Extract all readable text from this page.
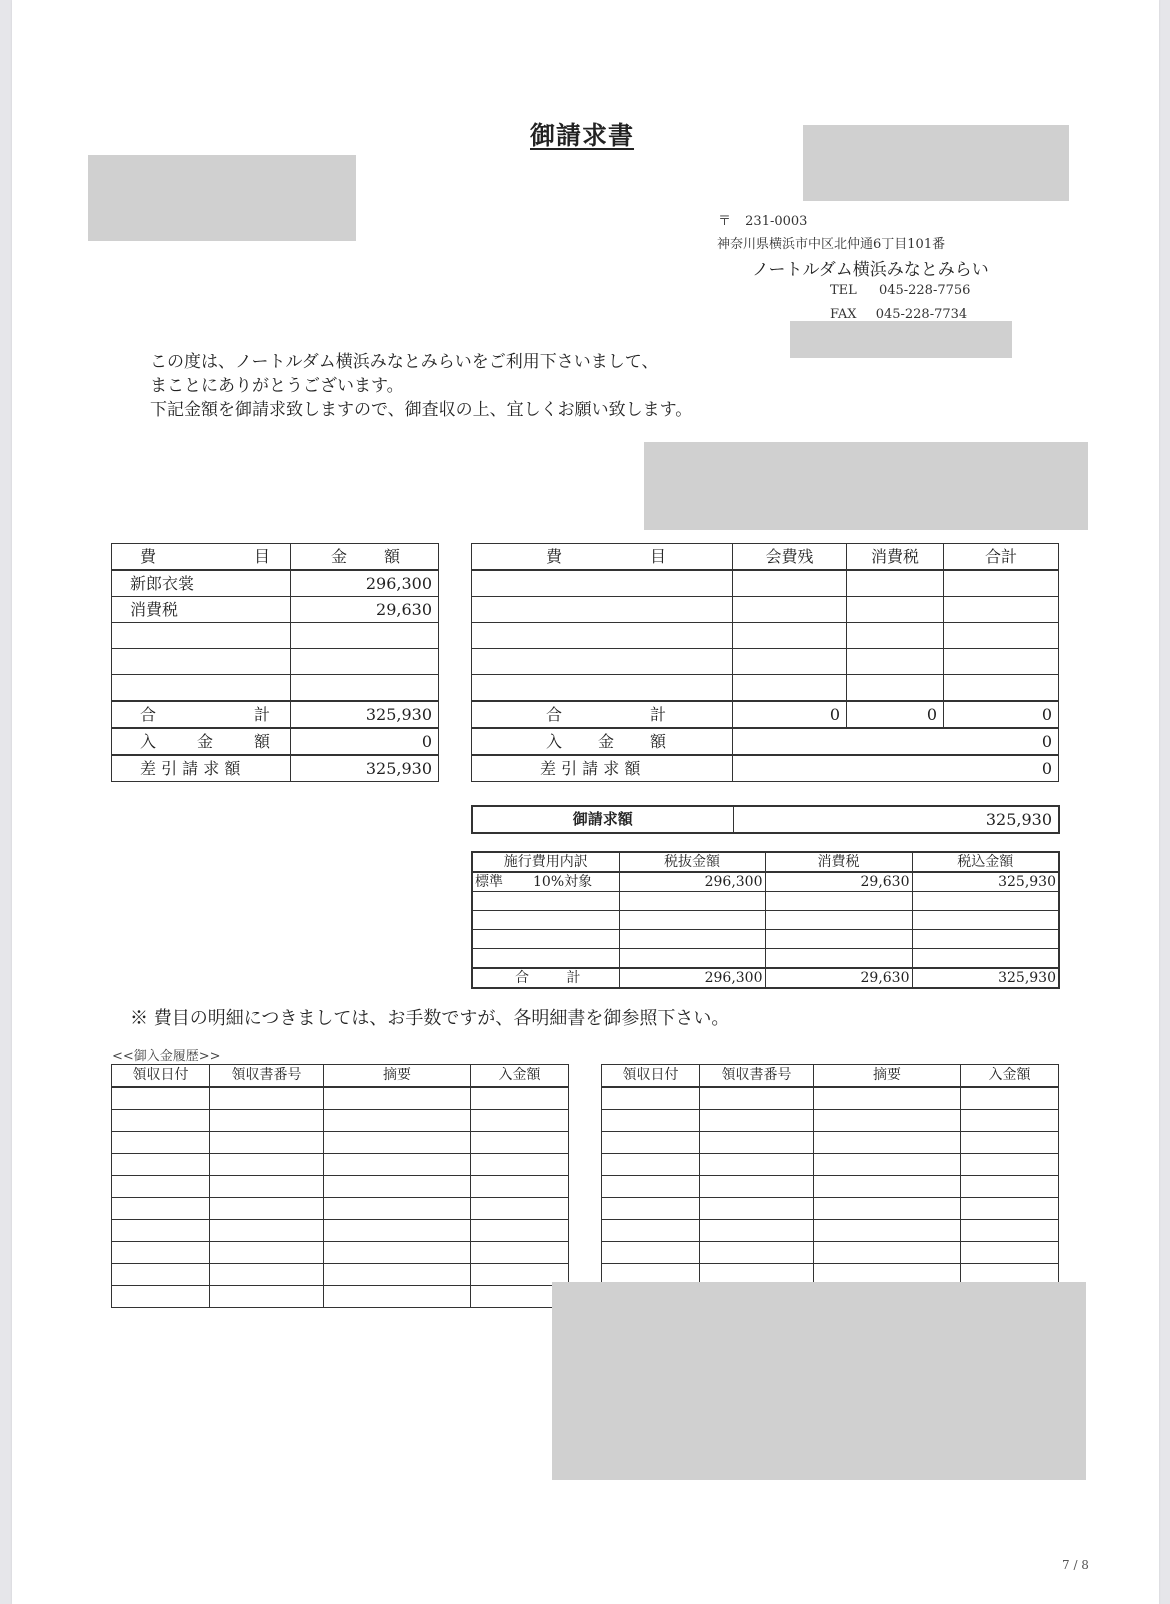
御請求書
〒 231-0003
神奈川県横浜市中区北仲通6丁目101番
ノートルダム横浜みなとみらい
TEL 045-228-7756
FAX 045-228-7734
この度は、ノートルダム横浜みなとみらいをご利用下さいまして、
まことにありがとうございます。
下記金額を御請求致しますので、御査収の上、宜しくお願い致します。
費 目	金 額

新郎衣裳	296,300
消費税	29,630

合 計	325,930

入 金 額	0
差 引 請 求 額	325,930
費 目	会費残	消費税	合計

合 計	0	0	0

入 金 額	0		
差 引 請 求 額	0		
御請求額	325,930
施行費用内訳	税抜金額	消費税	税込金額
標準 10%対象	296,300	29,630	325,930

合 計	296,300	29,630	325,930
※ 費目の明細につきましては、お手数ですが、各明細書を御参照下さい。
<<御入金履歴>>
領収日付	領収書番号	摘要	入金額

				領収日付	領収書番号	摘要	入金額

7 / 8
